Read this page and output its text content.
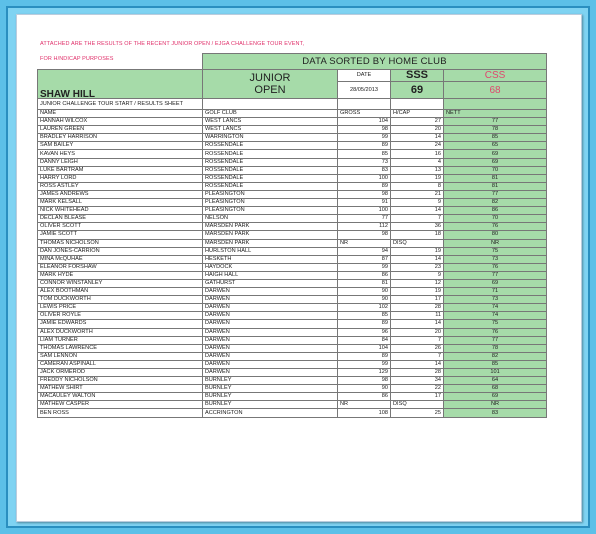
ATTACHED ARE THE RESULTS OF THE RECENT JUNIOR OPEN / EJGA CHALLENGE TOUR EVENT,
FOR H/NDICAP PURPOSES
		DATA SORTED BY HOME CLUB			
SHAW HILL	JUNIOR
OPEN	DATE	SSS	CSS
		28/05/2013	69	68

JUNIOR CHALLENGE TOUR START / RESULTS SHEET				
NAME	GOLF CLUB	GROSS	H/CAP	NETT
HANNAH WILCOX	WEST LANCS	104	27	77
LAUREN GREEN	WEST LANCS	98	20	78
BRADLEY HARRISON	WARRINGTON	99	14	85
SAM BAILEY	ROSSENDALE	89	24	65
KAVAN HEYS	ROSSENDALE	85	16	69
DANNY LEIGH	ROSSENDALE	73	4	69
LUKE BARTRAM	ROSSENDALE	83	13	70
HARRY LORD	ROSSENDALE	100	19	81
ROSS ASTLEY	ROSSENDALE	89	8	81
JAMES ANDREWS	PLEASINGTON	98	21	77
MARK KELSALL	PLEASINGTON	91	9	82
NICK WHITEHEAD	PLEASINGTON	100	14	86
DECLAN BLEASE	NELSON	77	7	70
OLIVER SCOTT	MARSDEN PARK	112	36	76
JAMIE SCOTT	MARSDEN PARK	98	18	80
THOMAS NICHOLSON	MARSDEN PARK	NR	DISQ	NR
DAN JONES-CARRION	HURLSTON HALL	94	19	75
MINA McQUHAE	HESKETH	87	14	73
ELEANOR FORSHAW	HAYDOCK	99	23	76
MARK HYDE	HAIGH HALL	86	9	77
CONNOR WINSTANLEY	GATHURST	81	12	69
ALEX BOOTHMAN	DARWEN	90	19	71
TOM DUCKWORTH	DARWEN	90	17	73
LEWIS PRICE	DARWEN	102	28	74
OLIVER ROYLE	DARWEN	85	11	74
JAMIE EDWARDS	DARWEN	89	14	75
ALEX DUCKWORTH	DARWEN	96	20	76
LIAM TURNER	DARWEN	84	7	77
THOMAS LAWRENCE	DARWEN	104	26	78
SAM LENNON	DARWEN	89	7	82
CAMERAN ASPINALL	DARWEN	99	14	85
JACK ORMEROD	DARWEN	129	28	101
FREDDY NICHOLSON	BURNLEY	98	34	64
MATHEW SHIRT	BURNLEY	90	22	68
MACAULEY WALTON	BURNLEY	86	17	69
MATHEW CASPER	BURNLEY	NR	DISQ	NR
BEN ROSS	ACCRINGTON	108	25	83
